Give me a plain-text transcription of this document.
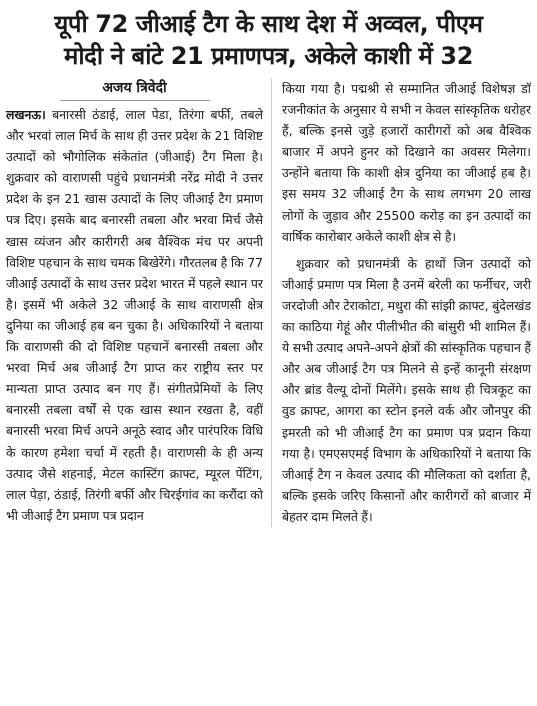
यूपी 72 जीआई टैग के साथ देश में अव्वल, पीएम
मोदी ने बांटे 21 प्रमाणपत्र, अकेले काशी में 32
अजय त्रिवेदी

लखनऊ। बनारसी ठंडाई, लाल पेडा, तिरंगा बर्फी, तबले और भरवां लाल मिर्च के साथ ही उत्तर प्रदेश के 21 विशिष्ट उत्पादों को भौगोलिक संकेतांत (जीआई) टैग मिला है। शुक्रवार को वाराणसी पहुंचे प्रधानमंत्री नरेंद्र मोदी ने उत्तर प्रदेश के इन 21 खास उत्पादों के लिए जीआई टैग प्रमाण पत्र दिए। इसके बाद बनारसी तबला और भरवा मिर्च जैसे खास व्यंजन और कारीगरी अब वैश्विक मंच पर अपनी विशिष्ट पहचान के साथ चमक बिखेरेंगे। गौरतलब है कि 77 जीआई उत्पादों के साथ उत्तर प्रदेश भारत में पहले स्थान पर है। इसमें भी अकेले 32 जीआई के साथ वाराणसी क्षेत्र दुनिया का जीआई हब बन चुका है। अधिकारियों ने बताया कि वाराणसी की दो विशिष्ट पहचानें बनारसी तबला और भरवा मिर्च अब जीआई टैग प्राप्त कर राष्ट्रीय स्तर पर मान्यता प्राप्त उत्पाद बन गए हैं। संगीतप्रेमियों के लिए बनारसी तबला वर्षों से एक खास स्थान रखता है, वहीं बनारसी भरवा मिर्च अपने अनूठे स्वाद और पारंपरिक विधि के कारण हमेशा चर्चा में रहती है। वाराणसी के ही अन्य उत्पाद जैसे शहनाई, मेटल कास्टिंग क्राफ्ट, म्यूरल पेंटिंग, लाल पेड़ा, ठंडाई, तिरंगी बर्फी और चिरईगांव का करौंदा को भी जीआई टैग प्रमाण पत्र प्रदान

किया गया है। पद्मश्री से सम्मानित जीआई विशेषज्ञ डॉ रजनीकांत के अनुसार ये सभी न केवल सांस्कृतिक धरोहर हैं, बल्कि इनसे जुड़े हजारों कारीगरों को अब वैश्विक बाजार में अपने हुनर को दिखाने का अवसर मिलेगा। उन्होंने बताया कि काशी क्षेत्र दुनिया का जीआई हब है। इस समय 32 जीआई टैग के साथ लगभग 20 लाख लोगों के जुड़ाव और 25500 करोड़ का इन उत्पादों का वार्षिक कारोबार अकेले काशी क्षेत्र से है।

शुक्रवार को प्रधानमंत्री के हाथों जिन उत्पादों को जीआई प्रमाण पत्र मिला है उनमें बरेली का फर्नीचर, जरी जरदोजी और टेराकोटा, मथुरा की सांझी क्राफ्ट, बुंदेलखंड का काठिया गेहूं और पीलीभीत की बांसुरी भी शामिल हैं। ये सभी उत्पाद अपने-अपने क्षेत्रों की सांस्कृतिक पहचान हैं और अब जीआई टैग पत्र मिलने से इन्हें कानूनी संरक्षण और ब्रांड वैल्यू दोनों मिलेंगे। इसके साथ ही चित्रकूट का वुड क्राफ्ट, आगरा का स्टोन इनले वर्क और जौनपुर की इमरती को भी जीआई टैग का प्रमाण पत्र प्रदान किया गया है। एमएसएमई विभाग के अधिकारियों ने बताया कि जीआई टैग न केवल उत्पाद की मौलिकता को दर्शाता है, बल्कि इसके जरिए किसानों और कारीगरों को बाजार में बेहतर दाम मिलते हैं।
